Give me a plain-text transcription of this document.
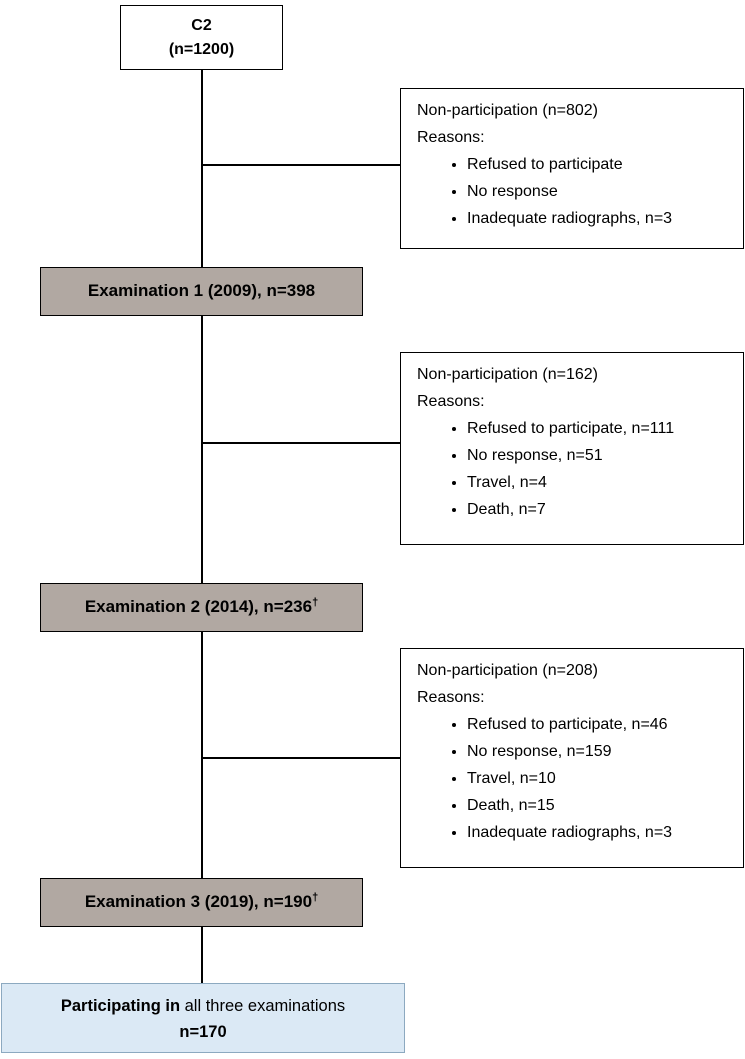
C2
(n=1200)
Non-participation (n=802)
Reasons:
• Refused to participate
• No response
• Inadequate radiographs, n=3
Examination 1 (2009), n=398
Non-participation (n=162)
Reasons:
• Refused to participate, n=111
• No response, n=51
• Travel, n=4
• Death, n=7
Examination 2 (2014), n=236†
Non-participation (n=208)
Reasons:
• Refused to participate, n=46
• No response, n=159
• Travel, n=10
• Death, n=15
• Inadequate radiographs, n=3
Examination 3 (2019), n=190†
Participating in all three examinations
n=170
